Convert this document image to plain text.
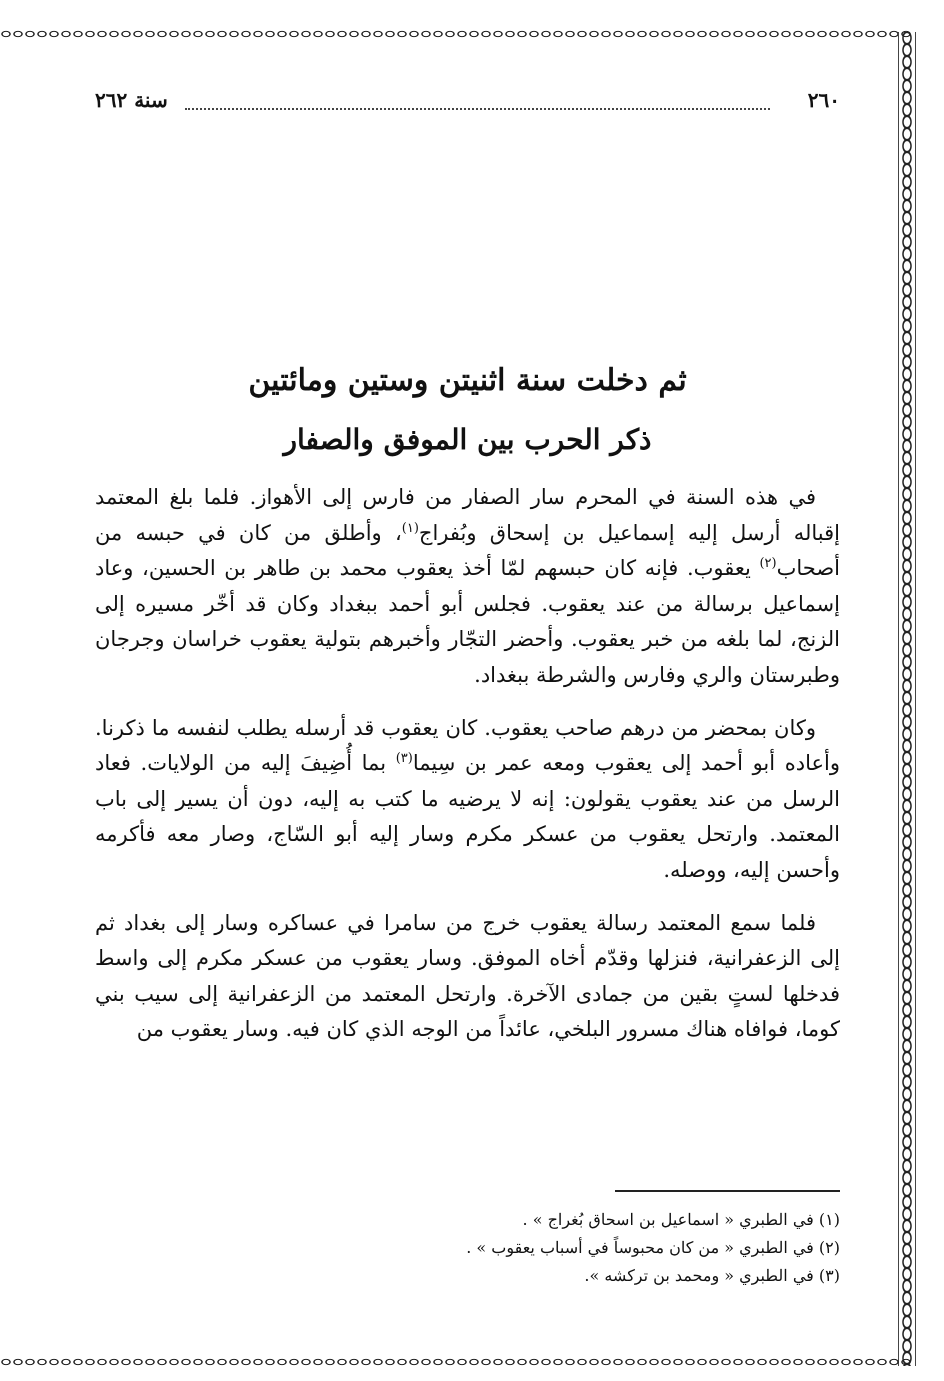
٢٦٠
سنة ٢٦٢
ثم دخلت سنة اثنيتن وستين ومائتين
ذكر الحرب بين الموفق والصفار

في هذه السنة في المحرم سار الصفار من فارس إلى الأهواز. فلما بلغ المعتمد إقباله أرسل إليه إسماعيل بن إسحاق وبُفراج$^{(١)}$، وأطلق من كان في حبسه من أصحاب$^{(٢)}$ يعقوب. فإنه كان حبسهم لمّا أخذ يعقوب محمد بن طاهر بن الحسين، وعاد إسماعيل برسالة من عند يعقوب. فجلس أبو أحمد ببغداد وكان قد أخّر مسيره إلى الزنج، لما بلغه من خبر يعقوب. وأحضر التجّار وأخبرهم بتولية يعقوب خراسان وجرجان وطبرستان والري وفارس والشرطة ببغداد.

وكان بمحضر من درهم صاحب يعقوب. كان يعقوب قد أرسله يطلب لنفسه ما ذكرنا. وأعاده أبو أحمد إلى يعقوب ومعه عمر بن سِيما$^{(٣)}$ بما أُضِيفَ إليه من الولايات. فعاد الرسل من عند يعقوب يقولون: إنه لا يرضيه ما كتب به إليه، دون أن يسير إلى باب المعتمد. وارتحل يعقوب من عسكر مكرم وسار إليه أبو السّاج، وصار معه فأكرمه وأحسن إليه، ووصله.

فلما سمع المعتمد رسالة يعقوب خرج من سامرا في عساكره وسار إلى بغداد ثم إلى الزعفرانية، فنزلها وقدّم أخاه الموفق. وسار يعقوب من عسكر مكرم إلى واسط فدخلها لستٍ بقين من جمادى الآخرة. وارتحل المعتمد من الزعفرانية إلى سيب بني كوما، فوافاه هناك مسرور البلخي، عائداً من الوجه الذي كان فيه. وسار يعقوب من

(١) في الطبري « اسماعيل بن اسحاق بُغراج » .

(٢) في الطبري « من كان محبوساً في أسباب يعقوب » .

(٣) في الطبري « ومحمد بن تركشه ».
